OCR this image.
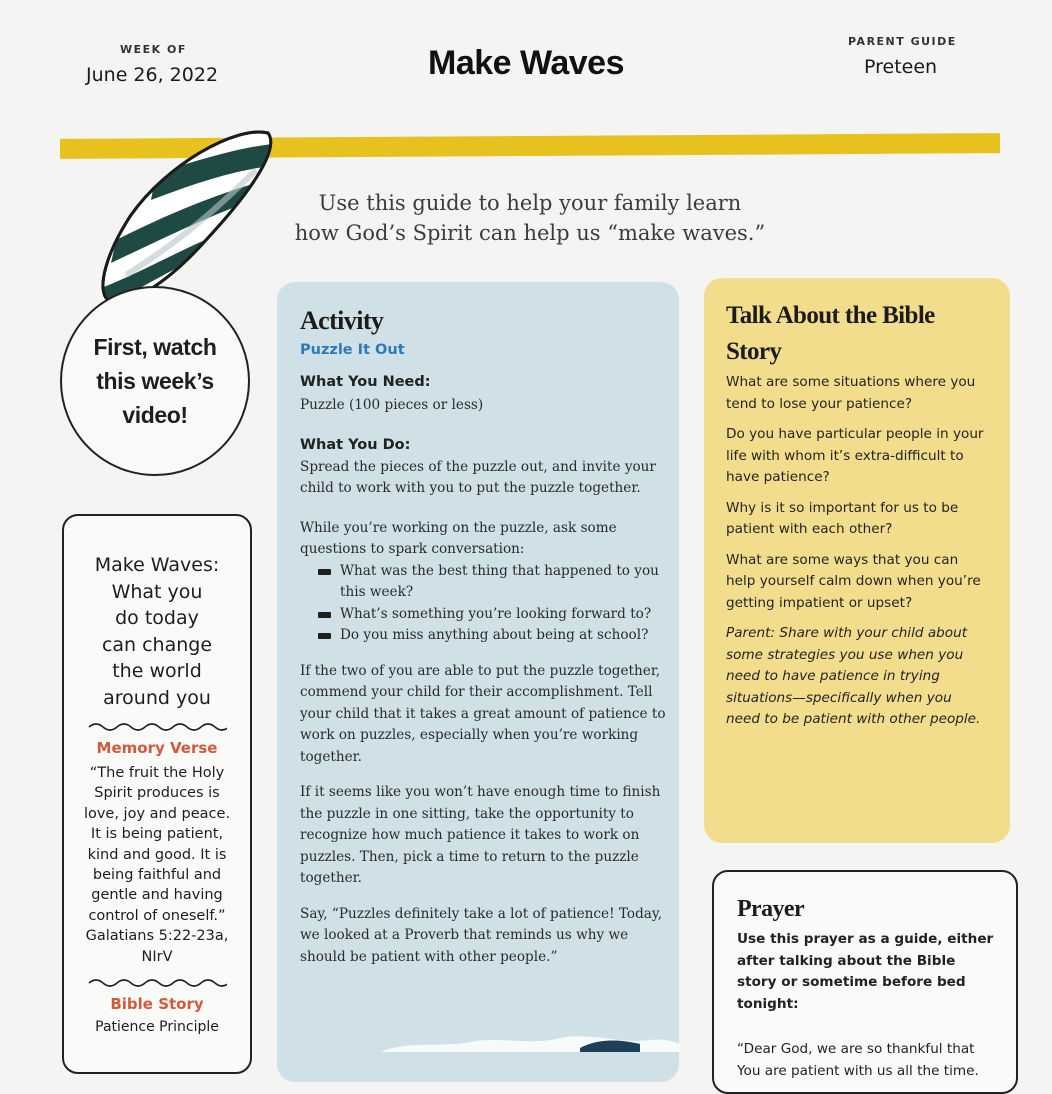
WEEK OF
June 26, 2022	Make Waves
PARENT GUIDE
Preteen
Use this guide to help your family learn
how God’s Spirit can help us “make waves.”
First, watch
this week’s
video!
Make Waves:
What you
do today
can change
the world
around you
Memory Verse
“The fruit the Holy
Spirit produces is
love, joy and peace.
It is being patient,
kind and good. It is
being faithful and
gentle and having
control of oneself.”
Galatians 5:22-23a,
NIrV
Bible Story
Patience Principle
Activity
Puzzle It Out
What You Need:

Puzzle (100 pieces or less)

What You Do:

Spread the pieces of the puzzle out, and invite your child to work with you to put the puzzle together.

While you’re working on the puzzle, ask some questions to spark conversation:

What was the best thing that happened to you this week?
What’s something you’re looking forward to?
Do you miss anything about being at school?

If the two of you are able to put the puzzle together, commend your child for their accomplishment. Tell your child that it takes a great amount of patience to work on puzzles, especially when you’re working together.

If it seems like you won’t have enough time to finish the puzzle in one sitting, take the opportunity to recognize how much patience it takes to work on puzzles. Then, pick a time to return to the puzzle together.

Say, “Puzzles definitely take a lot of patience! Today, we looked at a Proverb that reminds us why we should be patient with other people.”

Talk About the Bible
Story
What are some situations where you tend to lose your patience?
Do you have particular people in your life with whom it’s extra-difficult to have patience?
Why is it so important for us to be patient with each other?
What are some ways that you can help yourself calm down when you’re getting impatient or upset?
Parent: Share with your child about some strategies you use when you need to have patience in trying situations—specifically when you need to be patient with other people.
Prayer
Use this prayer as a guide, either after talking about the Bible story or sometime before bed tonight:
“Dear God, we are so thankful that You are patient with us all the time.
